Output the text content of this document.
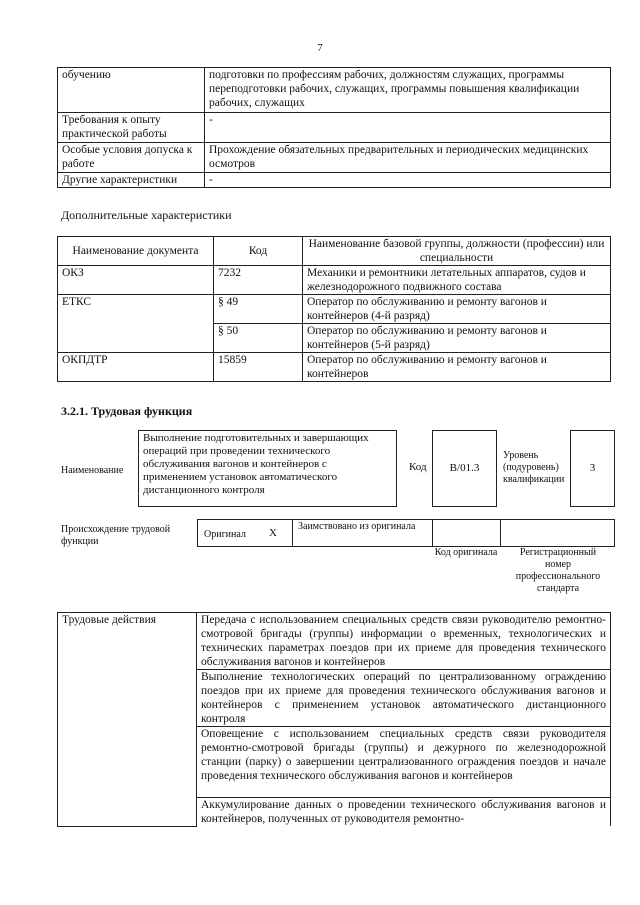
7
обучению	подготовки по профессиям рабочих, должностям служащих, программы переподготовки рабочих, служащих, программы повышения квалификации рабочих, служащих
Требования к опыту практической работы	-
Особые условия допуска к работе	Прохождение обязательных предварительных и периодических медицинских осмотров
Другие характеристики	-
Дополнительные характеристики
Наименование документа	Код	Наименование базовой группы, должности (профессии) или специальности
ОКЗ	7232	Механики и ремонтники летательных аппаратов, судов и железнодорожного подвижного состава
ЕТКС	§ 49	Оператор по обслуживанию и ремонту вагонов и контейнеров (4-й разряд)
	§ 50	Оператор по обслуживанию и ремонту вагонов и контейнеров (5-й разряд)
ОКПДТР	15859	Оператор по обслуживанию и ремонту вагонов и контейнеров
3.2.1. Трудовая функция
Наименование
Выполнение подготовительных и завершающих операций при проведении технического обслуживания вагонов и контейнеров с применением установок автоматического дистанционного контроля
Код	B/01.3
Уровень (подуровень) квалификации
3
Происхождение трудовой функции
Оригинал X
Заимствовано из оригинала
Код оригинала	Регистрационный номер профессионального стандарта
Трудовые действия	Передача с использованием специальных средств связи руководителю ремонтно-смотровой бригады (группы) информации о временных, технологических и технических параметрах поездов при их приеме для проведения технического обслуживания вагонов и контейнеров
Выполнение технологических операций по централизованному ограждению поездов при их приеме для проведения технического обслуживания вагонов и контейнеров с применением установок автоматического дистанционного контроля
Оповещение с использованием специальных средств связи руководителя ремонтно-смотровой бригады (группы) и дежурного по железнодорожной станции (парку) о завершении централизованного ограждения поездов и начале проведения технического обслуживания вагонов и контейнеров
Аккумулирование данных о проведении технического обслуживания вагонов и контейнеров, полученных от руководителя ремонтно-
